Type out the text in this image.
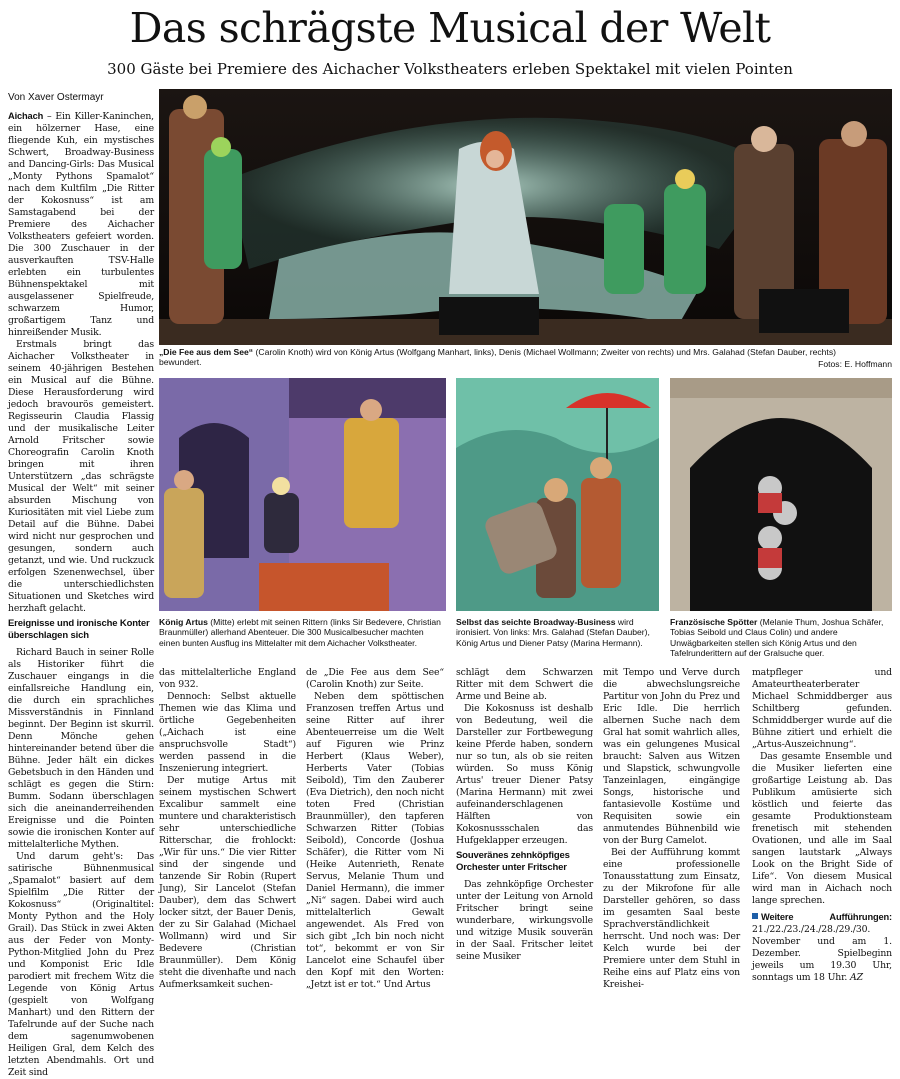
Das schrägste Musical der Welt
300 Gäste bei Premiere des Aichacher Volkstheaters erleben Spektakel mit vielen Pointen
Von Xaver Ostermayr

Aichach – Ein Killer-Kaninchen, ein hölzerner Hase, eine fliegende Kuh, ein mystisches Schwert, Broadway-Business and Dancing-Girls: Das Musical „Monty Pythons Spamalot“ nach dem Kultfilm „Die Ritter der Kokosnuss“ ist am Samstagabend bei der Premiere des Aichacher Volkstheaters gefeiert worden. Die 300 Zuschauer in der ausverkauften TSV-Halle erlebten ein turbulentes Bühnenspektakel mit ausgelassener Spielfreude, schwarzem Humor, großartigem Tanz und hinreißender Musik.

Erstmals bringt das Aichacher Volkstheater in seinem 40-jährigen Bestehen ein Musical auf die Bühne. Diese Herausforderung wird jedoch bravourös gemeistert. Regisseurin Claudia Flassig und der musikalische Leiter Arnold Fritscher sowie Choreografin Carolin Knoth bringen mit ihren Unterstützern „das schrägste Musical der Welt“ mit seiner absurden Mischung von Kuriositäten mit viel Liebe zum Detail auf die Bühne. Dabei wird nicht nur gesprochen und gesungen, sondern auch getanzt, und wie. Und ruckzuck erfolgen Szenenwechsel, über die unterschiedlichsten Situationen und Sketches wird herzhaft gelacht.

Ereignisse und ironische Konter überschlagen sich

Richard Bauch in seiner Rolle als Historiker führt die Zuschauer eingangs in die einfallsreiche Handlung ein, die durch ein sprachliches Missverständnis in Finnland beginnt. Der Beginn ist skurril. Denn Mönche gehen hintereinander betend über die Bühne. Jeder hält ein dickes Gebetsbuch in den Händen und schlägt es gegen die Stirn: Bumm. Sodann überschlagen sich die aneinanderreihenden Ereignisse und die Pointen sowie die ironischen Konter auf mittelalterliche Mythen.

Und darum geht's: Das satirische Bühnenmusical „Spamalot“ basiert auf dem Spielfilm „Die Ritter der Kokosnuss“ (Originaltitel: Monty Python and the Holy Grail). Das Stück in zwei Akten aus der Feder von Monty-Python-Mitglied John du Prez und Komponist Eric Idle parodiert mit frechem Witz die Legende von König Artus (gespielt von Wolfgang Manhart) und den Rittern der Tafelrunde auf der Suche nach dem sagenumwobenen Heiligen Gral, dem Kelch des letzten Abendmahls. Ort und Zeit sind

„Die Fee aus dem See“ (Carolin Knoth) wird von König Artus (Wolfgang Manhart, links), Denis (Michael Wollmann; Zweiter von rechts) und Mrs. Galahad (Stefan Dauber, rechts) bewundert.	Fotos: E. Hoffmann
König Artus (Mitte) erlebt mit seinen Rittern (links Sir Bedevere, Christian Braunmüller) allerhand Abenteuer. Die 300 Musicalbesucher machten einen bunten Ausflug ins Mittelalter mit dem Aichacher Volkstheater.
Selbst das seichte Broadway-Business wird ironisiert. Von links: Mrs. Galahad (Stefan Dauber), König Artus und Diener Patsy (Marina Hermann).
Französische Spötter (Melanie Thum, Joshua Schäfer, Tobias Seibold und Claus Colin) und andere Unwägbarkeiten stellen sich König Artus und den Tafelrunderittern auf der Gralsuche quer.

das mittelalterliche England von 932.

Dennoch: Selbst aktuelle Themen wie das Klima und örtliche Gegebenheiten („Aichach ist eine anspruchsvolle Stadt“) werden passend in die Inszenierung integriert.

Der mutige Artus mit seinem mystischen Schwert Excalibur sammelt eine muntere und charakteristisch sehr unterschiedliche Ritterschar, die frohlockt: „Wir für uns.“ Die vier Ritter sind der singende und tanzende Sir Robin (Rupert Jung), Sir Lancelot (Stefan Dauber), dem das Schwert locker sitzt, der Bauer Denis, der zu Sir Galahad (Michael Wollmann) wird und Sir Bedevere (Christian Braunmüller). Dem König steht die divenhafte und nach Aufmerksamkeit suchen-

de „Die Fee aus dem See“ (Carolin Knoth) zur Seite.

Neben dem spöttischen Franzosen treffen Artus und seine Ritter auf ihrer Abenteuerreise um die Welt auf Figuren wie Prinz Herbert (Klaus Weber), Herberts Vater (Tobias Seibold), Tim den Zauberer (Eva Dietrich), den noch nicht toten Fred (Christian Braunmüller), den tapferen Schwarzen Ritter (Tobias Seibold), Concorde (Joshua Schäfer), die Ritter vom Ni (Heike Autenrieth, Renate Servus, Melanie Thum und Daniel Hermann), die immer „Ni“ sagen. Dabei wird auch mittelalterlich Gewalt angewendet. Als Fred von sich gibt „Ich bin noch nicht tot“, bekommt er von Sir Lancelot eine Schaufel über den Kopf mit den Worten: „Jetzt ist er tot.“ Und Artus

schlägt dem Schwarzen Ritter mit dem Schwert die Arme und Beine ab.

Die Kokosnuss ist deshalb von Bedeutung, weil die Darsteller zur Fortbewegung keine Pferde haben, sondern nur so tun, als ob sie reiten würden. So muss König Artus' treuer Diener Patsy (Marina Hermann) mit zwei aufeinanderschlagenen Hälften von Kokosnussschalen das Hufgeklapper erzeugen.

Souveränes zehnköpfiges Orchester unter Fritscher

Das zehnköpfige Orchester unter der Leitung von Arnold Fritscher bringt seine wunderbare, wirkungsvolle und witzige Musik souverän in der Saal. Fritscher leitet seine Musiker

mit Tempo und Verve durch die abwechslungsreiche Partitur von John du Prez und Eric Idle. Die herrlich albernen Suche nach dem Gral hat somit wahrlich alles, was ein gelungenes Musical braucht: Salven aus Witzen und Slapstick, schwungvolle Tanzeinlagen, eingängige Songs, historische und fantasievolle Kostüme und Requisiten sowie ein anmutendes Bühnenbild wie von der Burg Camelot.

Bei der Aufführung kommt eine professionelle Tonausstattung zum Einsatz, zu der Mikrofone für alle Darsteller gehören, so dass im gesamten Saal beste Sprachverständlichkeit herrscht. Und noch was: Der Kelch wurde bei der Premiere unter dem Stuhl in Reihe eins auf Platz eins von Kreishei-

matpfleger und Amateurtheaterberater Michael Schmiddberger aus Schiltberg gefunden. Schmiddberger wurde auf die Bühne zitiert und erhielt die „Artus-Auszeichnung“.

Das gesamte Ensemble und die Musiker lieferten eine großartige Leistung ab. Das Publikum amüsierte sich köstlich und feierte das gesamte Produktionsteam frenetisch mit stehenden Ovationen, und alle im Saal sangen lautstark „Always Look on the Bright Side of Life“. Von diesem Musical wird man in Aichach noch lange sprechen.

Weitere	Aufführungen:

21./22./23./24./28./29./30. November und am 1. Dezember. Spielbeginn jeweils um 19.30 Uhr, sonntags um 18 Uhr. AZ
